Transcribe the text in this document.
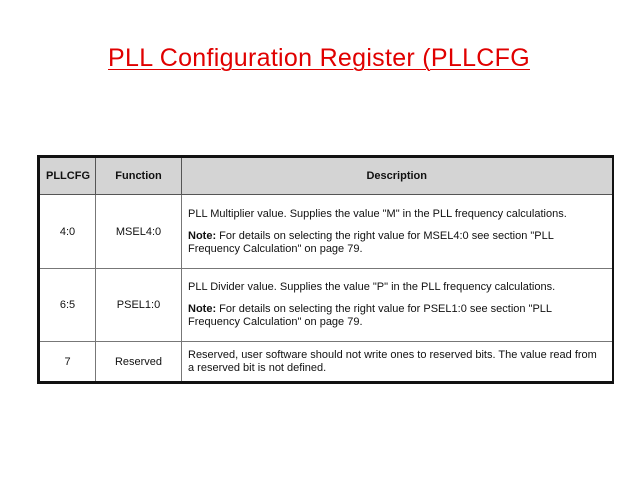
PLL Configuration Register (PLLCFG
PLLCFG	Function	Description
4:0	MSEL4:0	PLL Multiplier value. Supplies the value "M" in the PLL frequency calculations.

Note: For details on selecting the right value for MSEL4:0 see section "PLL Frequency Calculation" on page 79.

6:5	PSEL1:0	PLL Divider value. Supplies the value "P" in the PLL frequency calculations.

Note: For details on selecting the right value for PSEL1:0 see section "PLL Frequency Calculation" on page 79.

7	Reserved	Reserved, user software should not write ones to reserved bits. The value read from a reserved bit is not defined.
